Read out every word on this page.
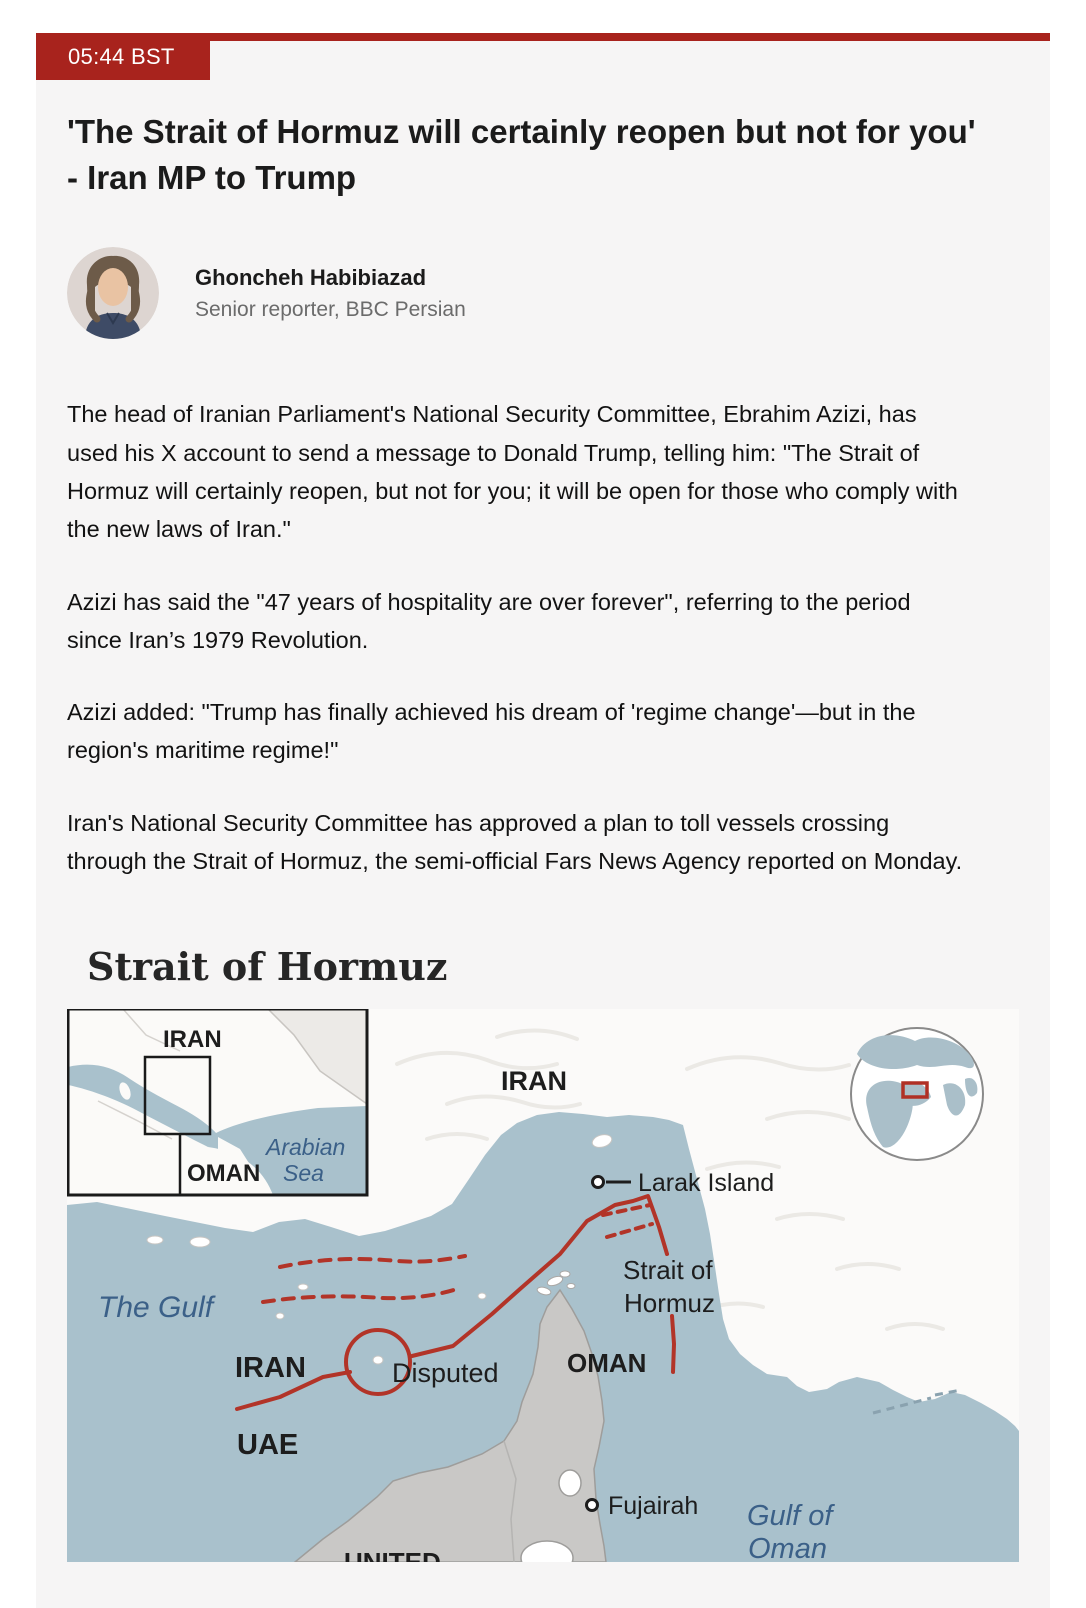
05:44 BST
'The Strait of Hormuz will certainly reopen but not for you' - Iran MP to Trump
Ghoncheh Habibiazad
Senior reporter, BBC Persian

The head of Iranian Parliament's National Security Committee, Ebrahim Azizi, has used his X account to send a message to Donald Trump, telling him: "The Strait of Hormuz will certainly reopen, but not for you; it will be open for those who comply with the new laws of Iran."

Azizi has said the "47 years of hospitality are over forever", referring to the period since Iran’s 1979 Revolution.

Azizi added: "Trump has finally achieved his dream of 'regime change'—but in the region's maritime regime!"

Iran's National Security Committee has approved a plan to toll vessels crossing through the Strait of Hormuz, the semi-official Fars News Agency reported on Monday.

Strait of Hormuz
IRAN
Larak Island
Strait of
Hormuz
OMAN
The Gulf
IRAN	Disputed
UAE
Fujairah Gulf of
Oman
UNITED
IRAN
OMAN
Arabian
Sea
